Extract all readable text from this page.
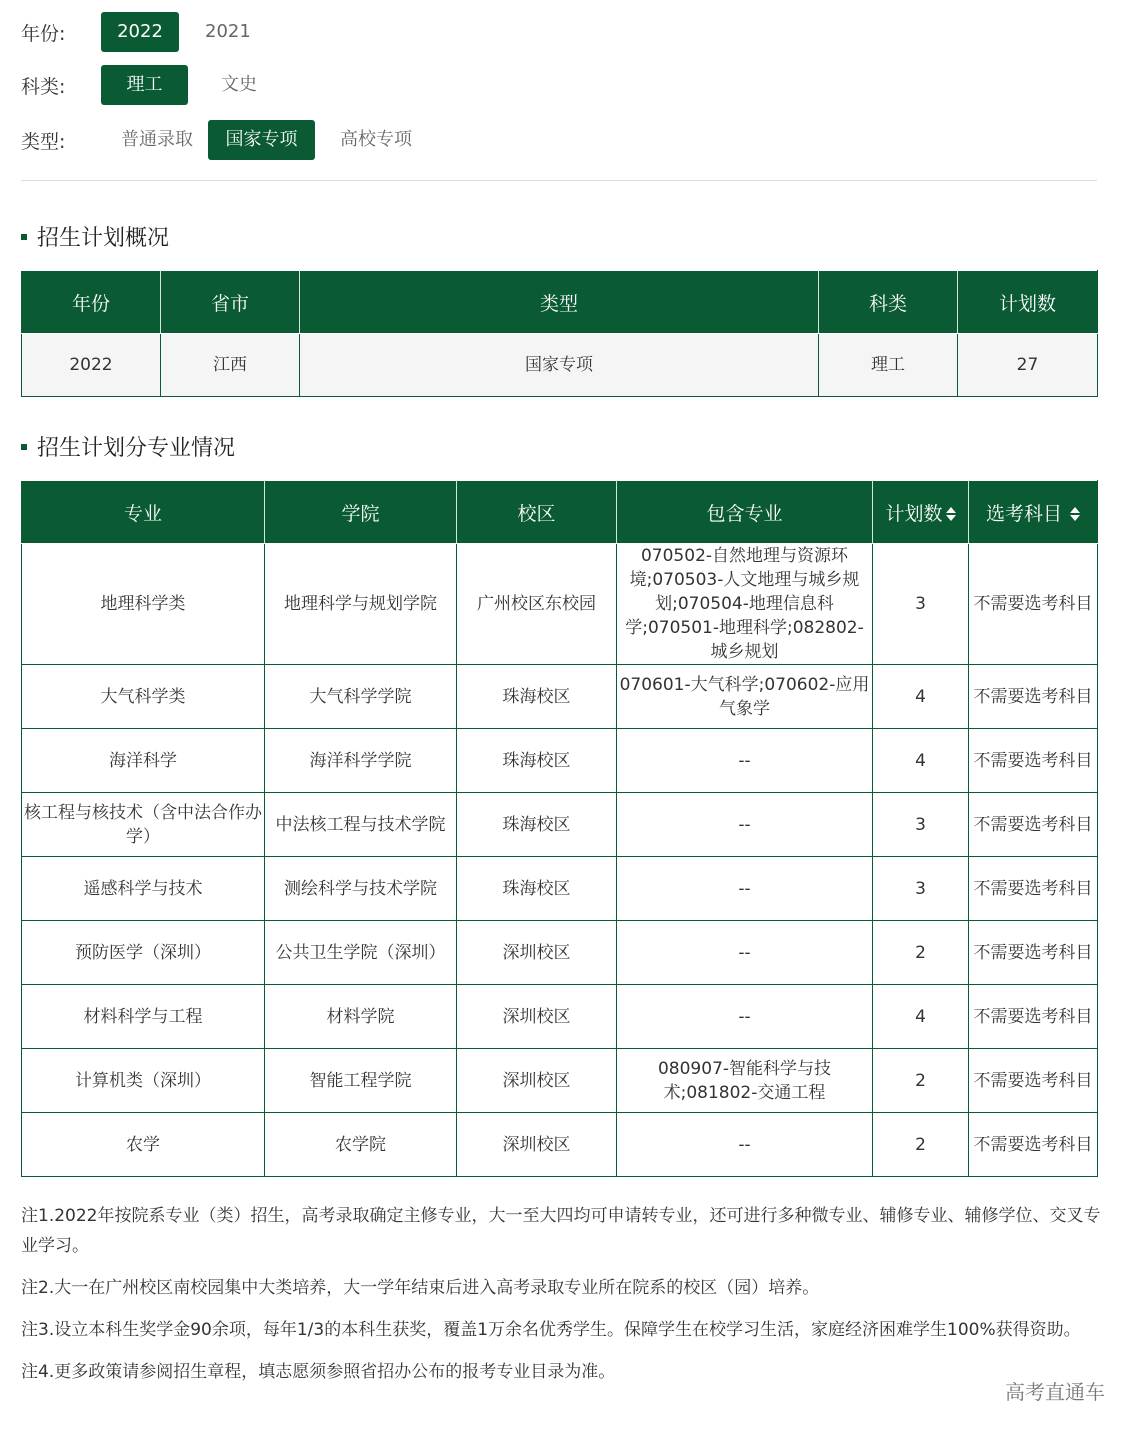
年份:	2022	2021
科类:	理工	文史
类型:	普通录取	国家专项	高校专项
招生计划概况
年份	省市	类型	科类	计划数
2022	江西	国家专项	理工	27
招生计划分专业情况
专业	学院	校区	包含专业	计划数	选考科目

地理科学类	地理科学与规划学院	广州校区东校园	070502-自然地理与资源环境;070503-人文地理与城乡规划;070504-地理信息科学;070501-地理科学;082802-城乡规划	3	不需要选考科目
大气科学类	大气科学学院	珠海校区	070601-大气科学;070602-应用气象学	4	不需要选考科目
海洋科学	海洋科学学院	珠海校区	--	4	不需要选考科目
核工程与核技术（含中法合作办学）	中法核工程与技术学院	珠海校区	--	3	不需要选考科目
遥感科学与技术	测绘科学与技术学院	珠海校区	--	3	不需要选考科目
预防医学（深圳）	公共卫生学院（深圳）	深圳校区	--	2	不需要选考科目
材料科学与工程	材料学院	深圳校区	--	4	不需要选考科目
计算机类（深圳）	智能工程学院	深圳校区	080907-智能科学与技术;081802-交通工程	2	不需要选考科目
农学	农学院	深圳校区	--	2	不需要选考科目

注1.2022年按院系专业（类）招生，高考录取确定主修专业，大一至大四均可申请转专业，还可进行多种微专业、辅修专业、辅修学位、交叉专业学习。

注2.大一在广州校区南校园集中大类培养，大一学年结束后进入高考录取专业所在院系的校区（园）培养。

注3.设立本科生奖学金90余项，每年1/3的本科生获奖，覆盖1万余名优秀学生。保障学生在校学习生活，家庭经济困难学生100%获得资助。

注4.更多政策请参阅招生章程，填志愿须参照省招办公布的报考专业目录为准。

高考直通车
